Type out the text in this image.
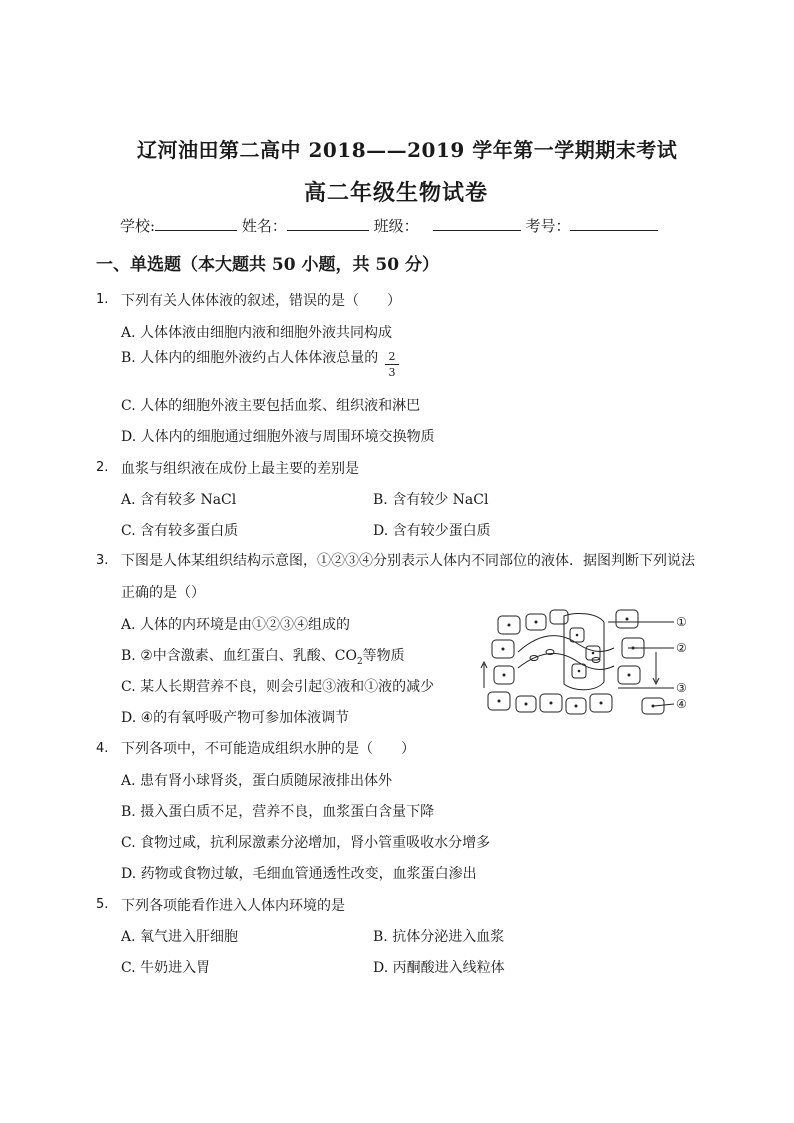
辽河油田第二高中 2018——2019 学年第一学期期末考试
高二年级生物试卷
学校:	姓名：	班级：	考号：
一、单选题（本大题共 50 小题，共 50 分）
1. 下列有关人体体液的叙述，错误的是（　　）
A. 人体体液由细胞内液和细胞外液共同构成
B. 人体内的细胞外液约占人体体液总量的 2
3
C. 人体的细胞外液主要包括血浆、组织液和淋巴
D. 人体内的细胞通过细胞外液与周围环境交换物质
2. 血浆与组织液在成份上最主要的差别是
A. 含有较多 NaCl	B. 含有较少 NaCl
C. 含有较多蛋白质	D. 含有较少蛋白质
3. 下图是人体某组织结构示意图，①②③④分别表示人体内不同部位的液体．据图判断下列说法
正确的是（）
A. 人体的内环境是由①②③④组成的
B. ②中含激素、血红蛋白、乳酸、$CO_2$等物质
C. 某人长期营养不良，则会引起③液和①液的减少
D. ④的有氧呼吸产物可参加体液调节
①
②
③
④
4. 下列各项中，不可能造成组织水肿的是（　　）
A. 患有肾小球肾炎，蛋白质随尿液排出体外
B. 摄入蛋白质不足，营养不良，血浆蛋白含量下降
C. 食物过咸，抗利尿激素分泌增加，肾小管重吸收水分增多
D. 药物或食物过敏，毛细血管通透性改变，血浆蛋白渗出
5. 下列各项能看作进入人体内环境的是
A. 氧气进入肝细胞	B. 抗体分泌进入血浆
C. 牛奶进入胃	D. 丙酮酸进入线粒体
